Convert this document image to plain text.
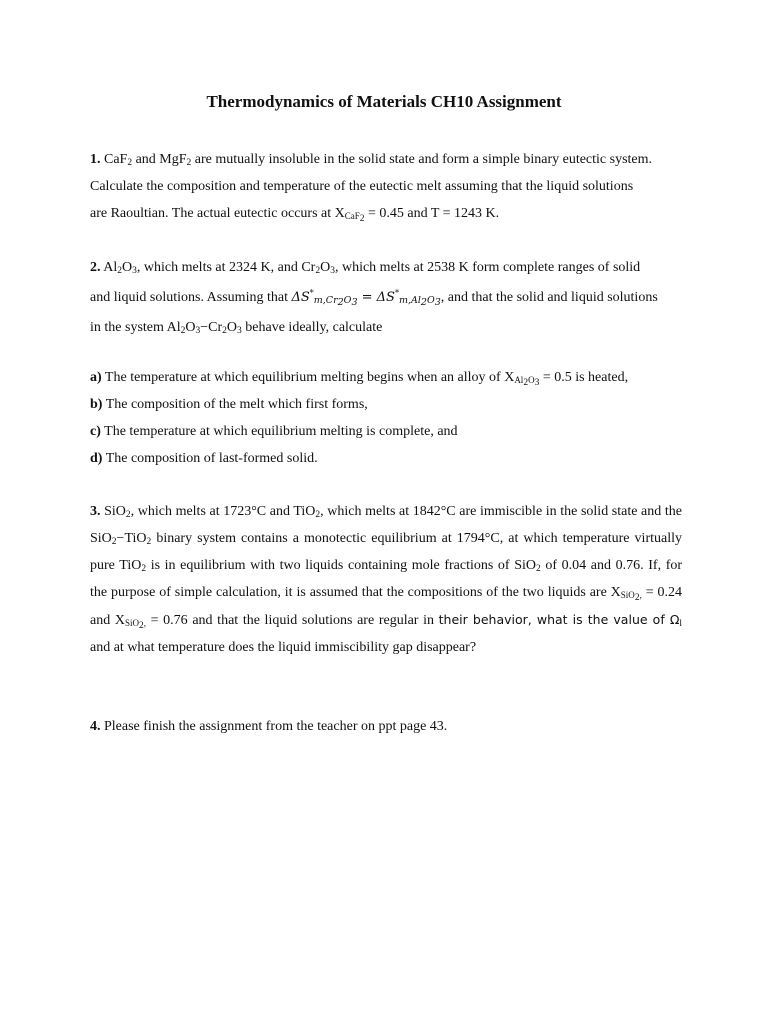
Thermodynamics of Materials CH10 Assignment
1. CaF$_2$ and MgF$_2$ are mutually insoluble in the solid state and form a simple binary eutectic system.
Calculate the composition and temperature of the eutectic melt assuming that the liquid solutions
are Raoultian. The actual eutectic occurs at $X_{CaF_2} = 0.45$ and T = 1243 K.
2. $Al_2O_3$, which melts at 2324 K, and $Cr_2O_3$, which melts at 2538 K form complete ranges of solid
and liquid solutions. Assuming that $\Delta S^*_{m,Cr_2O_3} = \Delta S^*_{m,Al_2O_3}$, and that the solid and liquid solutions
in the system $Al_2O_3-Cr_2O_3$ behave ideally, calculate
a) The temperature at which equilibrium melting begins when an alloy of $X_{Al_2O_3} = 0.5$ is heated,
b) The composition of the melt which first forms,
c) The temperature at which equilibrium melting is complete, and
d) The composition of last-formed solid.
3. SiO$_2$, which melts at 1723°C and TiO$_2$, which melts at 1842°C are immiscible in the solid state and the SiO$_2$−TiO$_2$ binary system contains a monotectic equilibrium at 1794°C, at which temperature virtually pure TiO$_2$ is in equilibrium with two liquids containing mole fractions of SiO$_2$ of 0.04 and 0.76. If, for the purpose of simple calculation, it is assumed that the compositions of the two liquids are $X_{SiO_2,} = 0.24$ and $X_{SiO_2,} = 0.76$ and that the liquid solutions are regular in their behavior, what is the value of $\Omega_l$ and at what temperature does the liquid immiscibility gap disappear?
4. Please finish the assignment from the teacher on ppt page 43.
